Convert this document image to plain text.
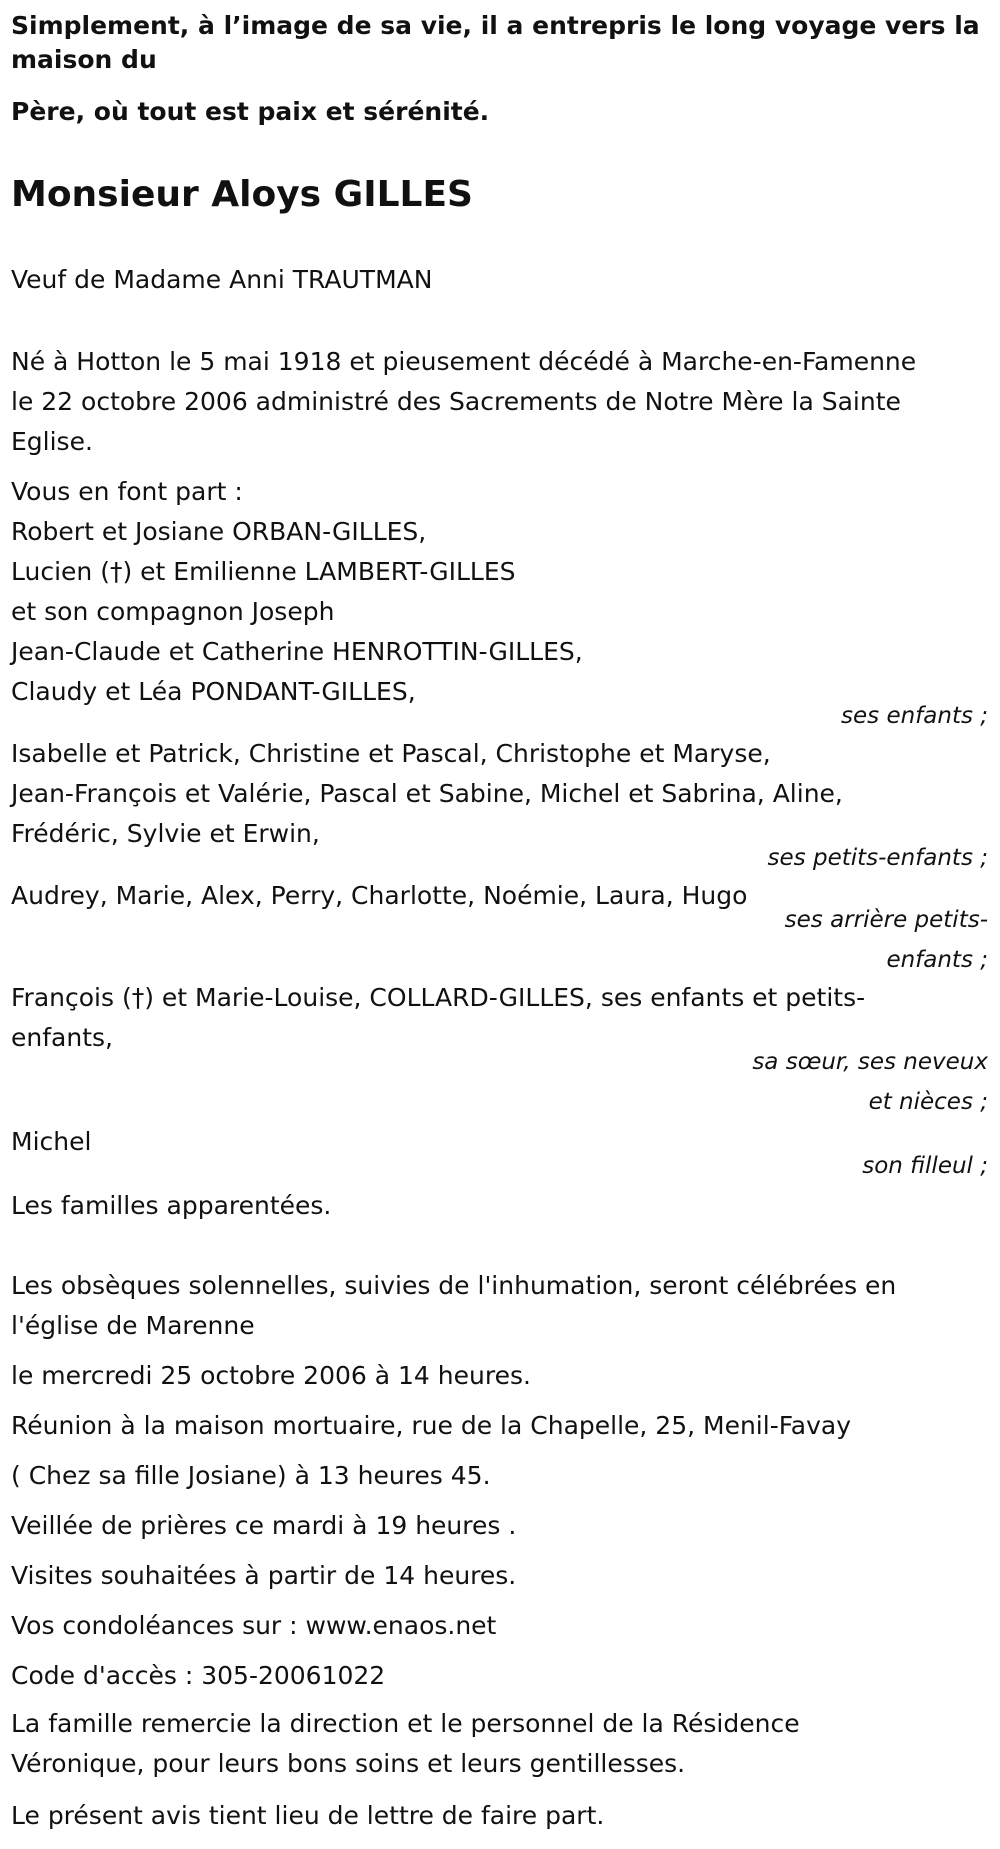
Simplement, à l’image de sa vie, il a entrepris le long voyage vers la
maison du
Père, où tout est paix et sérénité.
Monsieur Aloys GILLES
Veuf de Madame Anni TRAUTMAN
Né à Hotton le 5 mai 1918 et pieusement décédé à Marche-en-Famenne
le 22 octobre 2006 administré des Sacrements de Notre Mère la Sainte
Eglise.
Vous en font part :
Robert et Josiane ORBAN-GILLES,
Lucien (†) et Emilienne LAMBERT-GILLES
et son compagnon Joseph
Jean-Claude et Catherine HENROTTIN-GILLES,
Claudy et Léa PONDANT-GILLES,
ses enfants ;
Isabelle et Patrick, Christine et Pascal, Christophe et Maryse,
Jean-François et Valérie, Pascal et Sabine, Michel et Sabrina, Aline,
Frédéric, Sylvie et Erwin,
ses petits-enfants ;
Audrey, Marie, Alex, Perry, Charlotte, Noémie, Laura, Hugo
ses arrière petits-
enfants ;
François (†) et Marie-Louise, COLLARD-GILLES, ses enfants et petits-
enfants,
sa sœur, ses neveux
et nièces ;
Michel
son filleul ;
Les familles apparentées.
Les obsèques solennelles, suivies de l'inhumation, seront célébrées en
l'église de Marenne
le mercredi 25 octobre 2006 à 14 heures.
Réunion à la maison mortuaire, rue de la Chapelle, 25, Menil-Favay
( Chez sa fille Josiane) à 13 heures 45.
Veillée de prières ce mardi à 19 heures .
Visites souhaitées à partir de 14 heures.
Vos condoléances sur : www.enaos.net
Code d'accès : 305-20061022
La famille remercie la direction et le personnel de la Résidence
Véronique, pour leurs bons soins et leurs gentillesses.
Le présent avis tient lieu de lettre de faire part.
